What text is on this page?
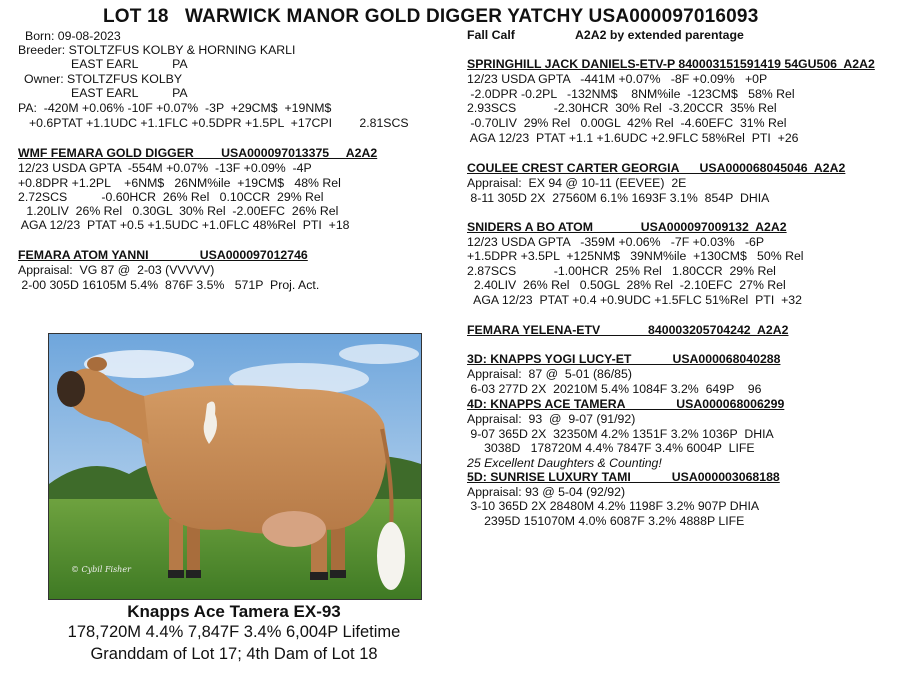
LOT 18   WARWICK MANOR GOLD DIGGER YATCHY USA000097016093
Born: 09-08-2023
Breeder: STOLTZFUS KOLBY & HORNING KARLI
EAST EARL          PA
Owner: STOLTZFUS KOLBY
EAST EARL          PA
PA:  -420M +0.06% -10F +0.07%  -3P  +29CM$  +19NM$
+0.6PTAT +1.1UDC +1.1FLC +0.5DPR +1.5PL  +17CPI        2.81SCS
WMF FEMARA GOLD DIGGER        USA000097013375     A2A2
12/23 USDA GPTA  -554M +0.07%  -13F +0.09%  -4P
+0.8DPR +1.2PL    +6NM$   26NM%ile  +19CM$   48% Rel
2.72SCS          -0.60HCR  26% Rel   0.10CCR  29% Rel
1.20LIV  26% Rel   0.30GL  30% Rel  -2.00EFC  26% Rel
AGA 12/23  PTAT +0.5 +1.5UDC +1.0FLC 48%Rel  PTI  +18
FEMARA ATOM YANNI               USA000097012746
Appraisal:  VG 87 @  2-03 (VVVVV)
2-00 305D 16105M 5.4%  876F 3.5%   571P  Proj. Act.
Fall Calf	A2A2 by extended parentage
SPRINGHILL JACK DANIELS-ETV-P 840003151591419 54GU506  A2A2
12/23 USDA GPTA   -441M +0.07%   -8F +0.09%   +0P
-2.0DPR -0.2PL   -132NM$    8NM%ile  -123CM$   58% Rel
2.93SCS           -2.30HCR  30% Rel  -3.20CCR  35% Rel
-0.70LIV  29% Rel   0.00GL  42% Rel  -4.60EFC  31% Rel
AGA 12/23  PTAT +1.1 +1.6UDC +2.9FLC 58%Rel  PTI  +26
COULEE CREST CARTER GEORGIA      USA000068045046  A2A2
Appraisal:  EX 94 @ 10-11 (EEVEE)  2E
8-11 305D 2X  27560M 6.1% 1693F 3.1%  854P  DHIA
SNIDERS A BO ATOM              USA000097009132  A2A2
12/23 USDA GPTA   -359M +0.06%   -7F +0.03%   -6P
+1.5DPR +3.5PL  +125NM$   39NM%ile  +130CM$   50% Rel
2.87SCS           -1.00HCR  25% Rel   1.80CCR  29% Rel
2.40LIV  26% Rel   0.50GL  28% Rel  -2.10EFC  27% Rel
AGA 12/23  PTAT +0.4 +0.9UDC +1.5FLC 51%Rel  PTI  +32
FEMARA YELENA-ETV              840003205704242  A2A2
3D: KNAPPS YOGI LUCY-ET            USA000068040288
Appraisal:  87 @  5-01 (86/85)
6-03 277D 2X  20210M 5.4% 1084F 3.2%  649P    96
4D: KNAPPS ACE TAMERA               USA000068006299
Appraisal:  93  @  9-07 (91/92)
9-07 365D 2X  32350M 4.2% 1351F 3.2% 1036P  DHIA
3038D   178720M 4.4% 7847F 3.4% 6004P  LIFE
25 Excellent Daughters & Counting!
5D: SUNRISE LUXURY TAMI            USA000003068188
Appraisal: 93 @ 5-04 (92/92)
3-10 365D 2X 28480M 4.2% 1198F 3.2% 907P DHIA
2395D 151070M 4.0% 6087F 3.2% 4888P LIFE
© Cybil Fisher
Knapps Ace Tamera EX-93
178,720M 4.4% 7,847F 3.4% 6,004P Lifetime
Granddam of Lot 17; 4th Dam of Lot 18
